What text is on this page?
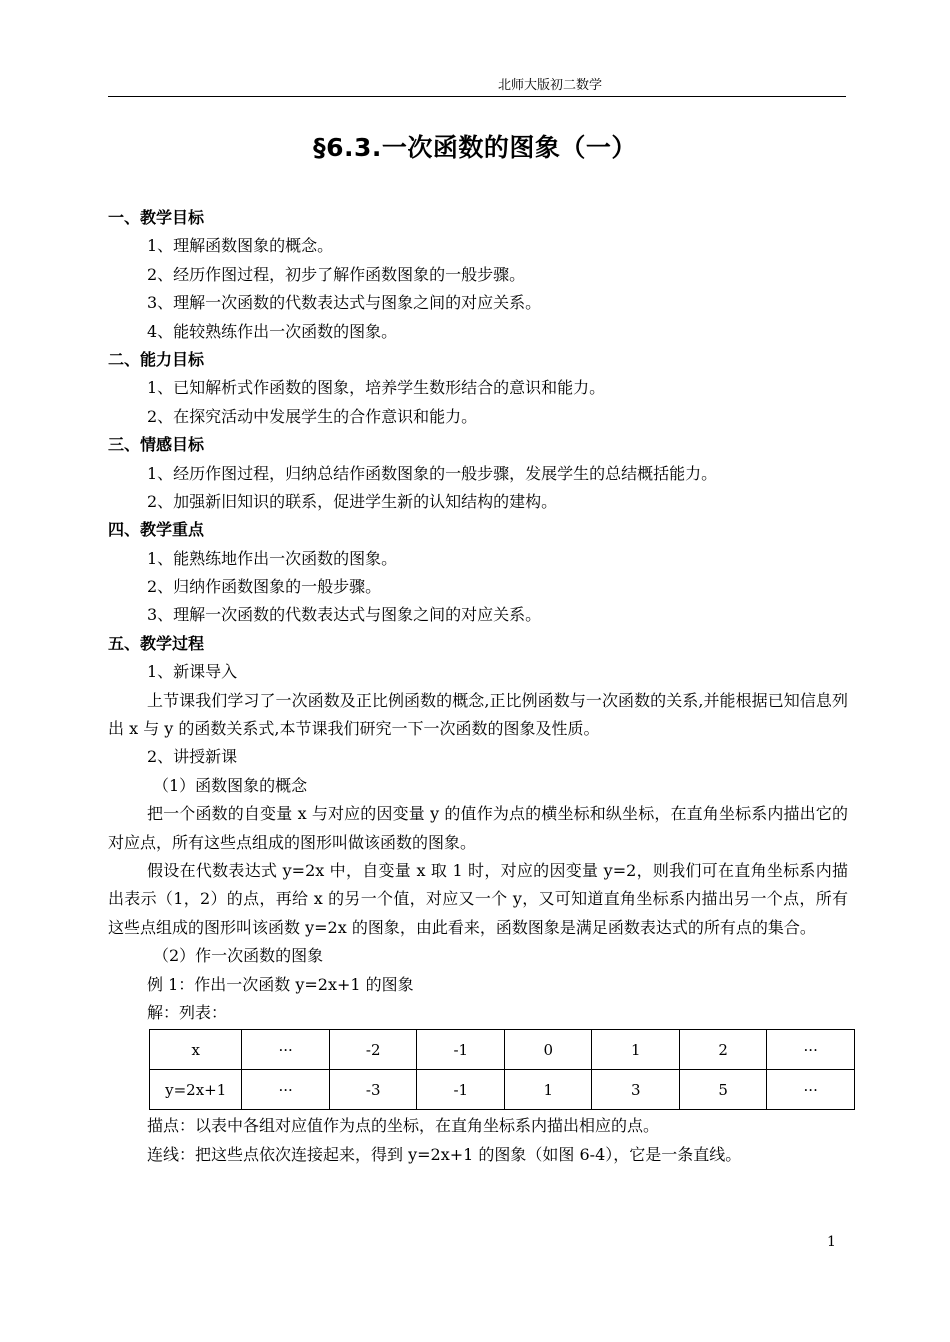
北师大版初二数学
§6.3.一次函数的图象（一）
一、教学目标
1、理解函数图象的概念。
2、经历作图过程，初步了解作函数图象的一般步骤。
3、理解一次函数的代数表达式与图象之间的对应关系。
4、能较熟练作出一次函数的图象。
二、能力目标
1、已知解析式作函数的图象，培养学生数形结合的意识和能力。
2、在探究活动中发展学生的合作意识和能力。
三、情感目标
1、经历作图过程，归纳总结作函数图象的一般步骤，发展学生的总结概括能力。
2、加强新旧知识的联系，促进学生新的认知结构的建构。
四、教学重点
1、能熟练地作出一次函数的图象。
2、归纳作函数图象的一般步骤。
3、理解一次函数的代数表达式与图象之间的对应关系。
五、教学过程
1、新课导入
上节课我们学习了一次函数及正比例函数的概念,正比例函数与一次函数的关系,并能根据已知信息列出 x 与 y 的函数关系式,本节课我们研究一下一次函数的图象及性质。
2、讲授新课
（1）函数图象的概念
把一个函数的自变量 x 与对应的因变量 y 的值作为点的横坐标和纵坐标，在直角坐标系内描出它的对应点，所有这些点组成的图形叫做该函数的图象。
假设在代数表达式 y=2x 中，自变量 x 取 1 时，对应的因变量 y=2，则我们可在直角坐标系内描出表示（1，2）的点，再给 x 的另一个值，对应又一个 y，又可知道直角坐标系内描出另一个点，所有这些点组成的图形叫该函数 y=2x 的图象，由此看来，函数图象是满足函数表达式的所有点的集合。
（2）作一次函数的图象
例 1：作出一次函数 y=2x+1 的图象
解：列表：
x	···	-2	-1	0	1	2	···
y=2x+1	···	-3	-1	1	3	5	···
描点：以表中各组对应值作为点的坐标，在直角坐标系内描出相应的点。
连线：把这些点依次连接起来，得到 y=2x+1 的图象（如图 6-4），它是一条直线。
1
